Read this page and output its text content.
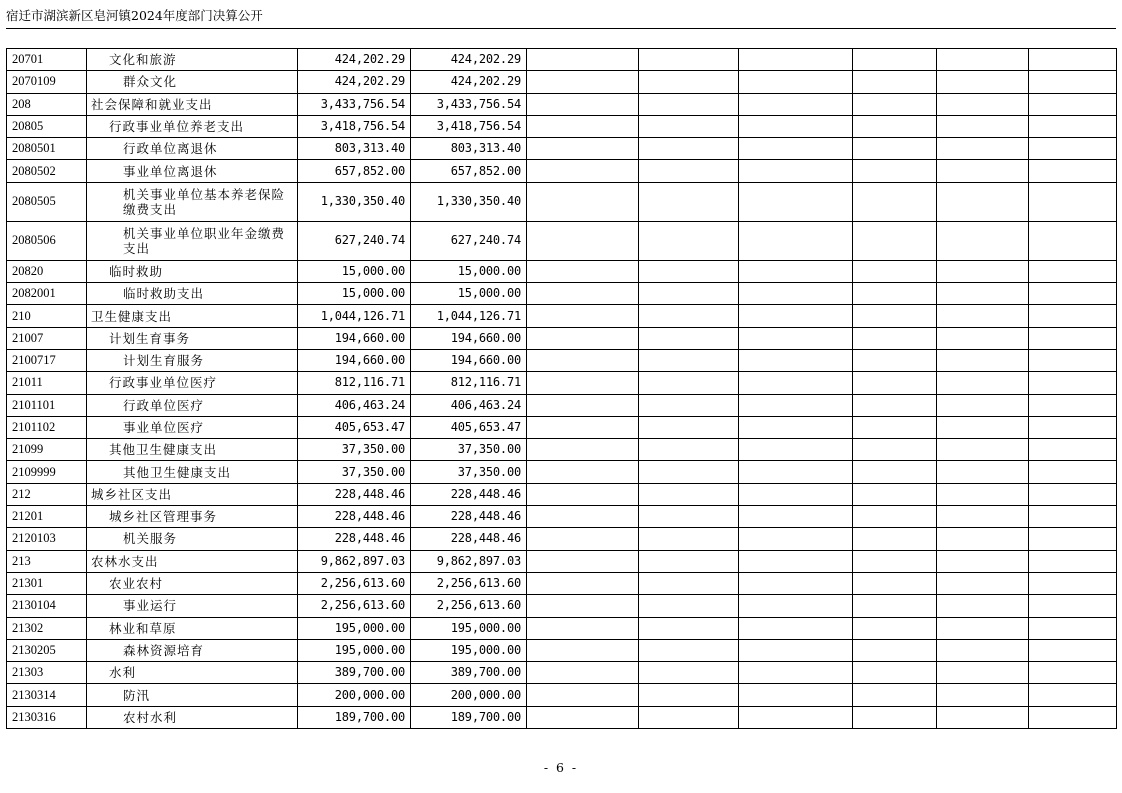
宿迁市湖滨新区皂河镇2024年度部门决算公开
20701	文化和旅游	424,202.29	424,202.29						
2070109	群众文化	424,202.29	424,202.29						
208	社会保障和就业支出	3,433,756.54	3,433,756.54						
20805	行政事业单位养老支出	3,418,756.54	3,418,756.54						
2080501	行政单位离退休	803,313.40	803,313.40						
2080502	事业单位离退休	657,852.00	657,852.00						
2080505	机关事业单位基本养老保险缴费支出	1,330,350.40	1,330,350.40						
2080506	机关事业单位职业年金缴费支出	627,240.74	627,240.74						
20820	临时救助	15,000.00	15,000.00						
2082001	临时救助支出	15,000.00	15,000.00						
210	卫生健康支出	1,044,126.71	1,044,126.71						
21007	计划生育事务	194,660.00	194,660.00						
2100717	计划生育服务	194,660.00	194,660.00						
21011	行政事业单位医疗	812,116.71	812,116.71						
2101101	行政单位医疗	406,463.24	406,463.24						
2101102	事业单位医疗	405,653.47	405,653.47						
21099	其他卫生健康支出	37,350.00	37,350.00						
2109999	其他卫生健康支出	37,350.00	37,350.00						
212	城乡社区支出	228,448.46	228,448.46						
21201	城乡社区管理事务	228,448.46	228,448.46						
2120103	机关服务	228,448.46	228,448.46						
213	农林水支出	9,862,897.03	9,862,897.03						
21301	农业农村	2,256,613.60	2,256,613.60						
2130104	事业运行	2,256,613.60	2,256,613.60						
21302	林业和草原	195,000.00	195,000.00						
2130205	森林资源培育	195,000.00	195,000.00						
21303	水利	389,700.00	389,700.00						
2130314	防汛	200,000.00	200,000.00						
2130316	农村水利	189,700.00	189,700.00						
- 6 -
